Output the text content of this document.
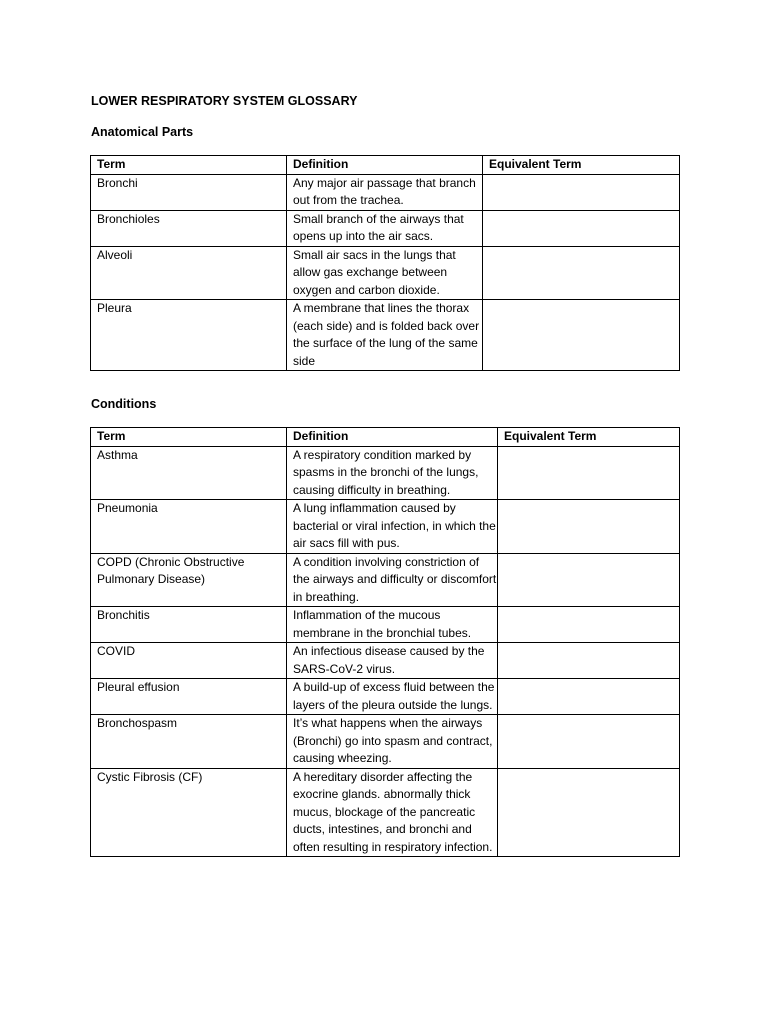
LOWER RESPIRATORY SYSTEM GLOSSARY
Anatomical Parts
Term	Definition	Equivalent Term
Bronchi	Any major air passage that branch out from the trachea.	
Bronchioles	Small branch of the airways that opens up into the air sacs.	
Alveoli	Small air sacs in the lungs that allow gas exchange between oxygen and carbon dioxide.	
Pleura	A membrane that lines the thorax (each side) and is folded back over the surface of the lung of the same side	
Conditions
Term	Definition	Equivalent Term
Asthma	A respiratory condition marked by spasms in the bronchi of the lungs, causing difficulty in breathing.	
Pneumonia	A lung inflammation caused by bacterial or viral infection, in which the air sacs fill with pus.	
COPD (Chronic Obstructive Pulmonary Disease)	A condition involving constriction of the airways and difficulty or discomfort in breathing.	
Bronchitis	Inflammation of the mucous membrane in the bronchial tubes.	
COVID	An infectious disease caused by the SARS-CoV-2 virus.	
Pleural effusion	A build-up of excess fluid between the layers of the pleura outside the lungs.	
Bronchospasm	It’s what happens when the airways (Bronchi) go into spasm and contract, causing wheezing.	
Cystic Fibrosis (CF)	A hereditary disorder affecting the exocrine glands. abnormally thick mucus, blockage of the pancreatic ducts, intestines, and bronchi and often resulting in respiratory infection.	
